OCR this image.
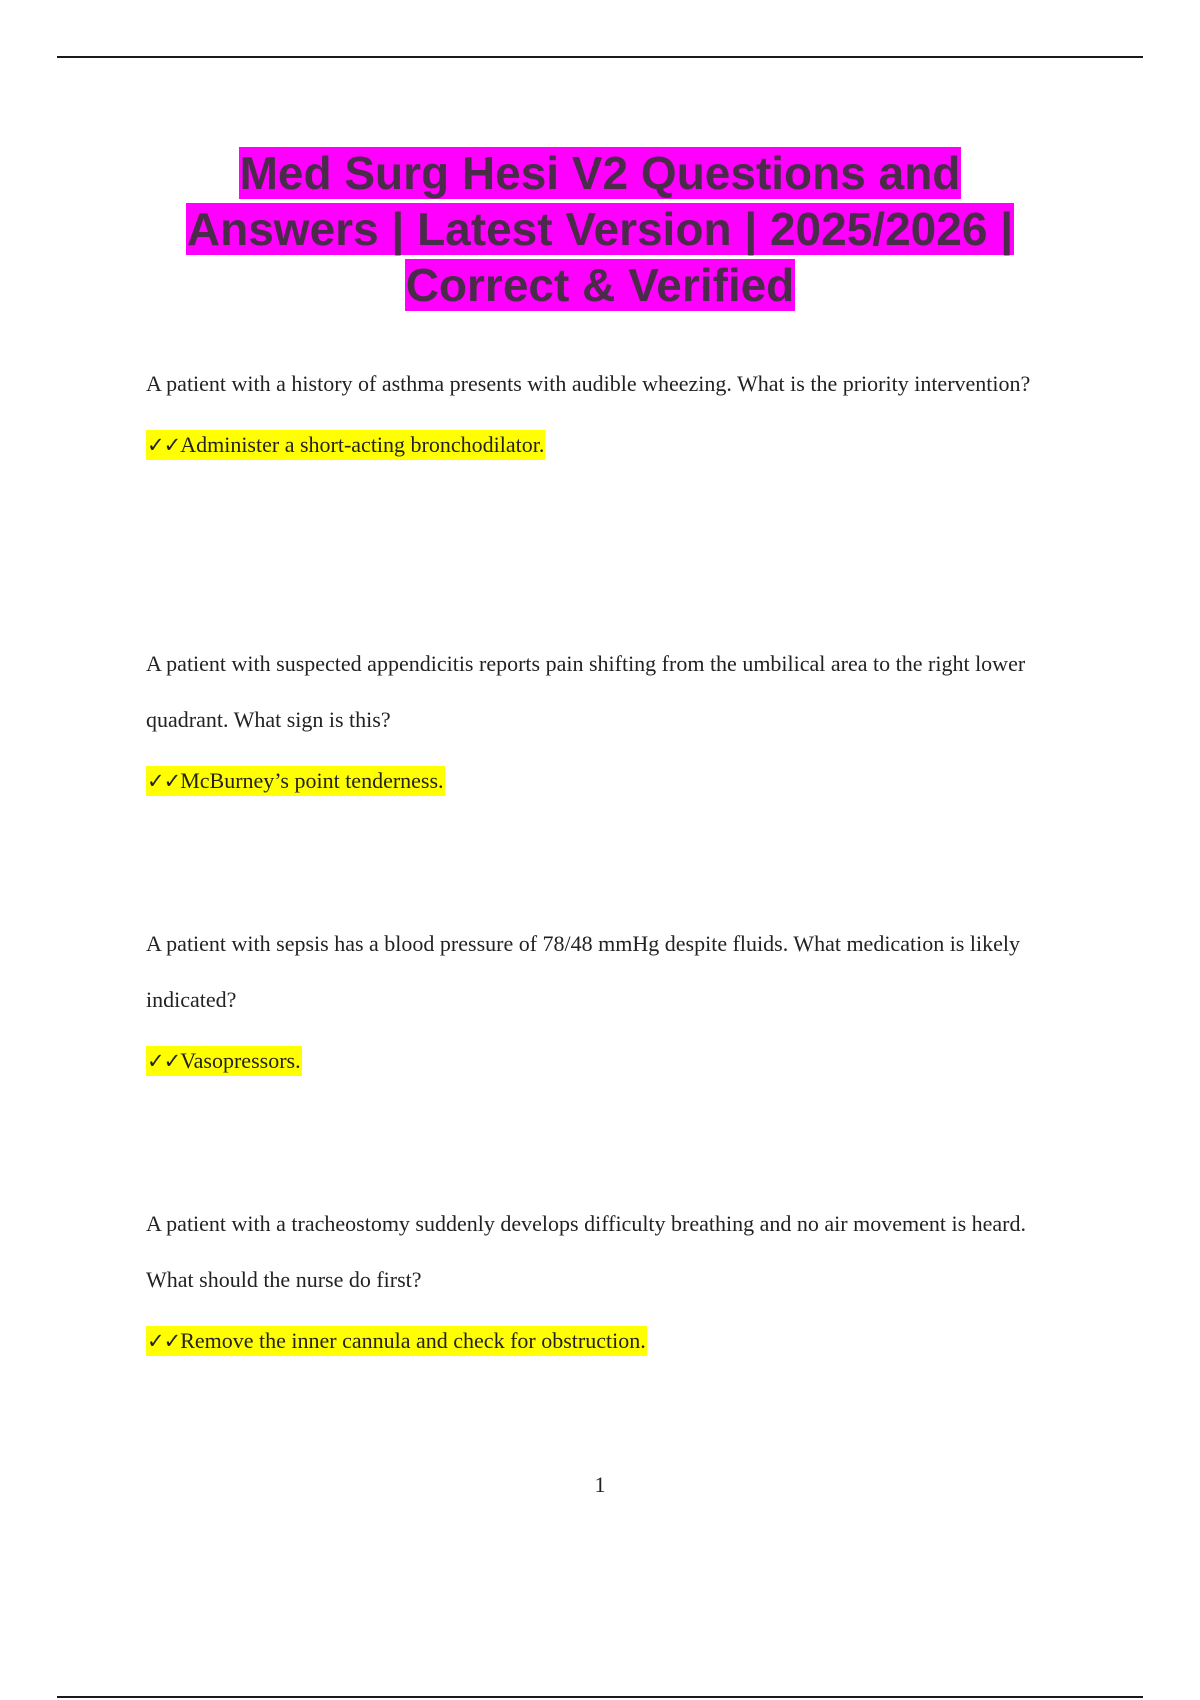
Med Surg Hesi V2 Questions and
Answers | Latest Version | 2025/2026 |
Correct & Verified

A patient with a history of asthma presents with audible wheezing. What is the priority intervention?

✓✓Administer a short-acting bronchodilator.

A patient with suspected appendicitis reports pain shifting from the umbilical area to the right lower quadrant. What sign is this?

✓✓McBurney’s point tenderness.

A patient with sepsis has a blood pressure of 78/48 mmHg despite fluids. What medication is likely indicated?

✓✓Vasopressors.

A patient with a tracheostomy suddenly develops difficulty breathing and no air movement is heard. What should the nurse do first?

✓✓Remove the inner cannula and check for obstruction.

1
